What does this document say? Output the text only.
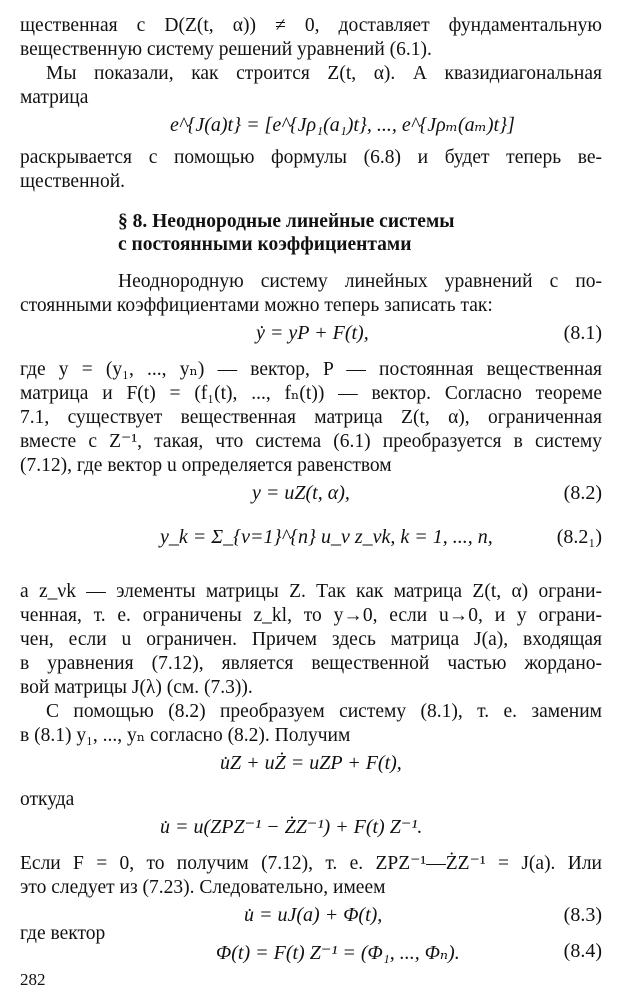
щественная с D(Z(t, α)) ≠ 0, доставляет фундаментальную
вещественную систему решений уравнений (6.1).
Мы показали, как строится Z(t, α). А квазидиагональная
матрица
e^{J(a)t} = [e^{Jρ₁(a₁)t}, ..., e^{Jρₘ(aₘ)t}]
раскрывается с помощью формулы (6.8) и будет теперь ве-
щественной.
§ 8. Неоднородные линейные системы
с постоянными коэффициентами
Неоднородную систему линейных уравнений с по-
стоянными коэффициентами можно теперь записать так:
ẏ = yP + F(t),	(8.1)
где y = (y₁, ..., yₙ) — вектор, P — постоянная вещественная
матрица и F(t) = (f₁(t), ..., fₙ(t)) — вектор. Согласно теореме
7.1, существует вещественная матрица Z(t, α), ограниченная
вместе с Z⁻¹, такая, что система (6.1) преобразуется в систему
(7.12), где вектор u определяется равенством
y = uZ(t, α),	(8.2)
y_k = Σ_{ν=1}^{n} u_ν z_νk, k = 1, ..., n,	(8.2₁)
а z_νk — элементы матрицы Z. Так как матрица Z(t, α) ограни-
ченная, т. е. ограничены z_kl, то y→0, если u→0, и y ограни-
чен, если u ограничен. Причем здесь матрица J(a), входящая
в уравнения (7.12), является вещественной частью жордано-
вой матрицы J(λ) (см. (7.3)).
С помощью (8.2) преобразуем систему (8.1), т. е. заменим
в (8.1) y₁, ..., yₙ согласно (8.2). Получим
u̇Z + uŻ = uZP + F(t),
откуда
u̇ = u(ZPZ⁻¹ − ŻZ⁻¹) + F(t) Z⁻¹.
Если F = 0, то получим (7.12), т. е. ZPZ⁻¹—ŻZ⁻¹ = J(a). Или
это следует из (7.23). Следовательно, имеем
u̇ = uJ(a) + Φ(t),	(8.3)
где вектор
Φ(t) = F(t) Z⁻¹ = (Φ₁, ..., Φₙ).	(8.4)
282
